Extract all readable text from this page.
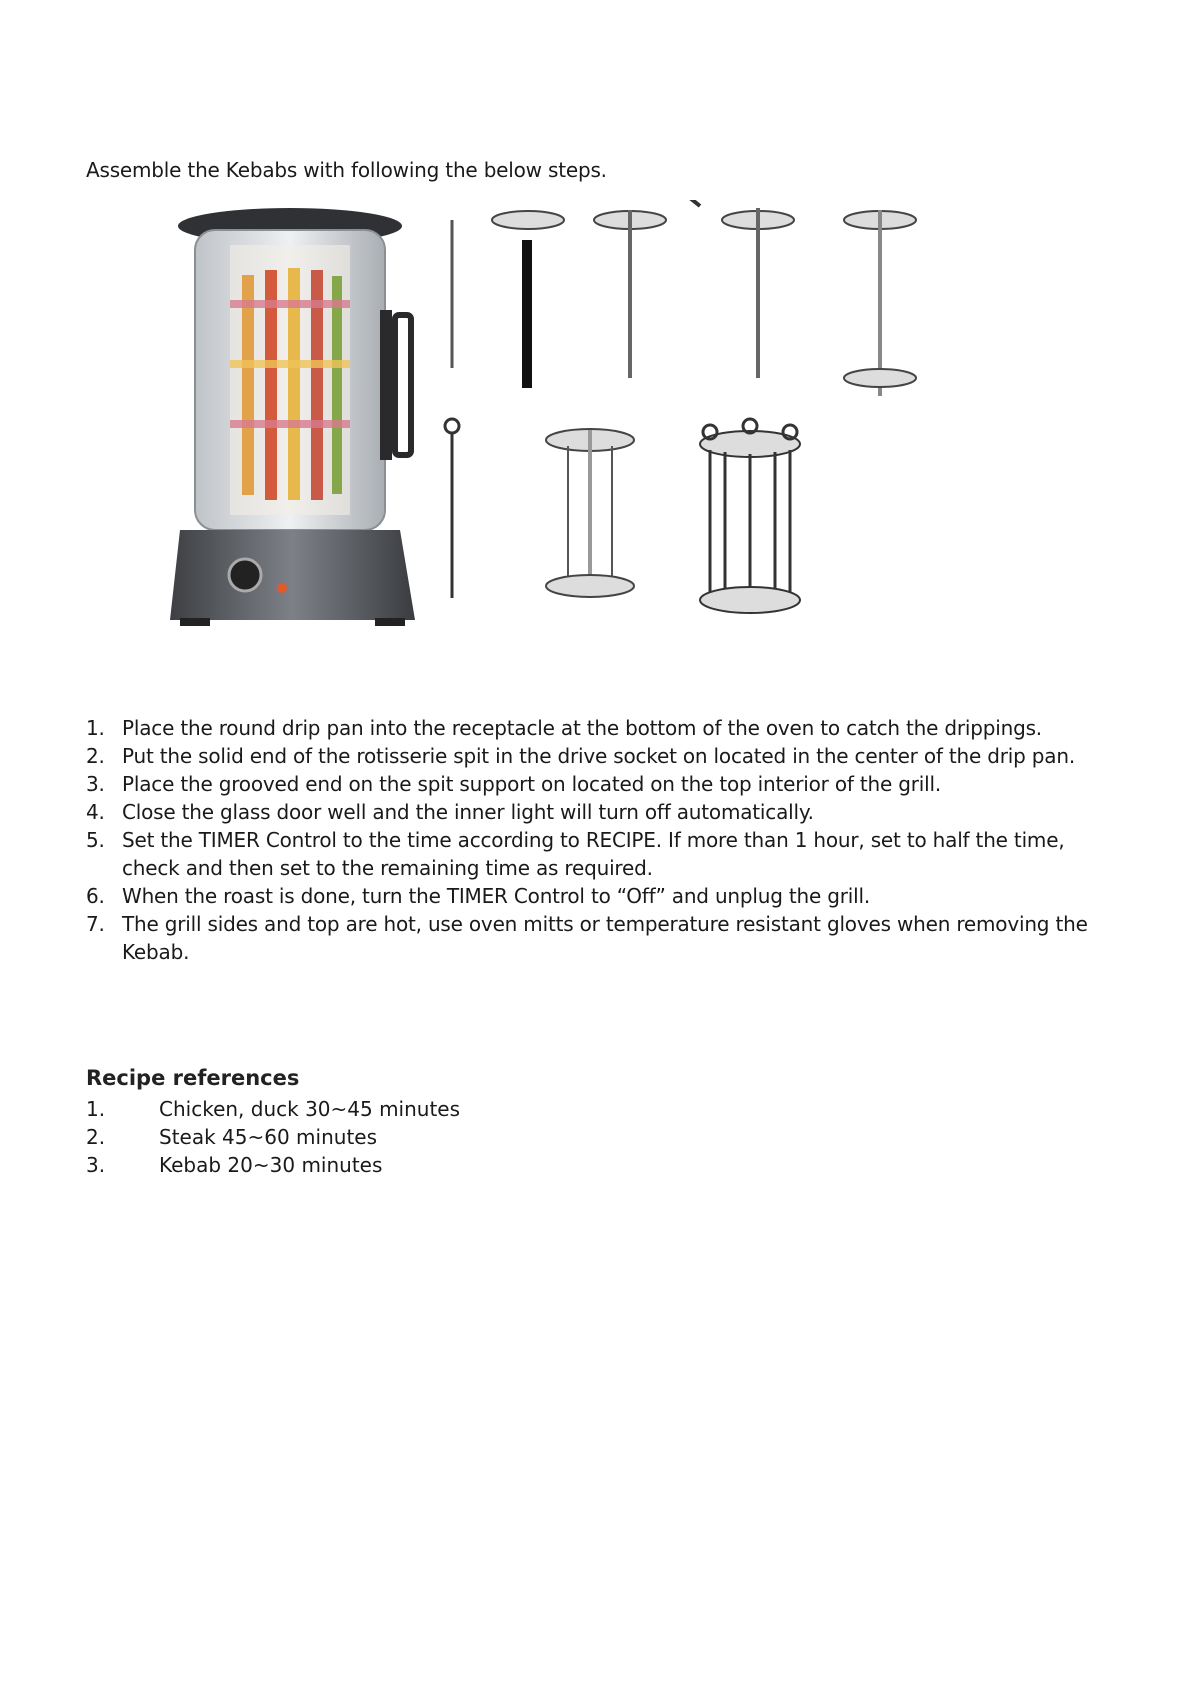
Assemble the Kebabs with following the below steps.
1. Place the round drip pan into the receptacle at the bottom of the oven to catch the drippings.
2. Put the solid end of the rotisserie spit in the drive socket on located in the center of the drip pan.
3. Place the grooved end on the spit support on located on the top interior of the grill.
4. Close the glass door well and the inner light will turn off automatically.
5. Set the TIMER Control to the time according to RECIPE. If more than 1 hour, set to half the time, check and then set to the remaining time as required.
6. When the roast is done, turn the TIMER Control to “Off” and unplug the grill.
7. The grill sides and top are hot, use oven mitts or temperature resistant gloves when removing the Kebab.
Recipe references
1.	Chicken, duck 30~45 minutes
2.	Steak 45~60 minutes
3.	Kebab 20~30 minutes
